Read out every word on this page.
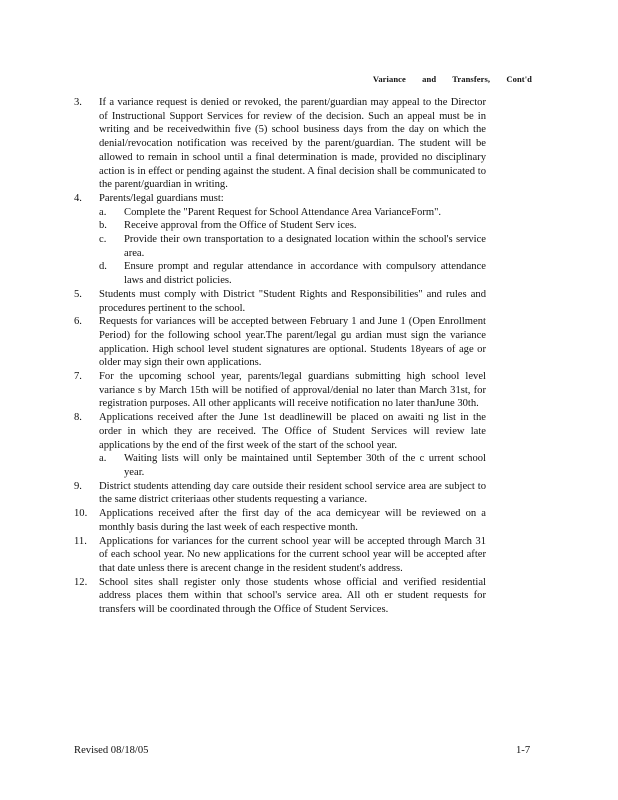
Variance and Transfers, Cont'd
3.	If a variance request is denied or revoked, the parent/guardian may appeal to the Director of Instructional Support Services for review of the decision. Such an appeal must be in writing and be receivedwithin five (5) school business days from the day on which the denial/revocation notification was received by the parent/guardian. The student will be allowed to remain in school until a final determination is made, provided no disciplinary action is in effect or pending against the student. A final decision shall be communicated to the parent/guardian in writing.
4.	Parents/legal guardians must:
a.	Complete the "Parent Request for School Attendance Area VarianceForm".
b.	Receive approval from the Office of Student Serv ices.
c.	Provide their own transportation to a designated location within the school's service area.
d.	Ensure prompt and regular attendance in accordance with compulsory attendance laws and district policies.
5.	Students must comply with District "Student Rights and Responsibilities" and rules and procedures pertinent to the school.
6.	Requests for variances will be accepted between February 1 and June 1 (Open Enrollment Period) for the following school year.The parent/legal gu ardian must sign the variance application. High school level student signatures are optional. Students 18years of age or older may sign their own applications.
7.	For the upcoming school year, parents/legal guardians submitting high school level variance s by March 15th will be notified of approval/denial no later than March 31st, for registration purposes. All other applicants will receive notification no later thanJune 30th.
8.	Applications received after the June 1st deadlinewill be placed on awaiti ng list in the order in which they are received. The Office of Student Services will review late applications by the end of the first week of the start of the school year.
a.	Waiting lists will only be maintained until September 30th of the c urrent school year.
9.	District students attending day care outside their resident school service area are subject to the same district criteriaas other students requesting a variance.
10.	Applications received after the first day of the aca demicyear will be reviewed on a monthly basis during the last week of each respective month.
11.	Applications for variances for the current school year will be accepted through March 31 of each school year. No new applications for the current school year will be accepted after that date unless there is arecent change in the resident student's address.
12.	School sites shall register only those students whose official and verified residential address places them within that school's service area. All oth er student requests for transfers will be coordinated through the Office of Student Services.
Revised 08/18/05	1-7
